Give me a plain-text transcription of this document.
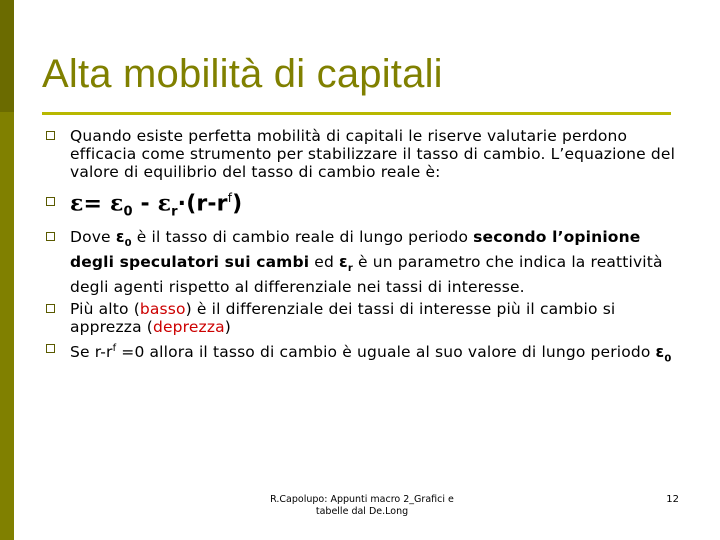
Alta mobilità di capitali
Quando esiste perfetta mobilità di capitali le riserve valutarie perdono efficacia come strumento per stabilizzare il tasso di cambio. L’equazione del valore di equilibrio del tasso di cambio reale è:
$\varepsilon= \varepsilon_0 - \varepsilon_r\cdot(r-r^f)$
Dove $\varepsilon_0$ è il tasso di cambio reale di lungo periodo secondo l’opinione degli speculatori sui cambi ed $\varepsilon_r$ è un parametro che indica la reattività degli agenti rispetto al differenziale nei tassi di interesse.
Più alto (basso) è il differenziale dei tassi di interesse più il cambio si apprezza (deprezza)
Se $r-r^f =0$ allora il tasso di cambio è uguale al suo valore di lungo periodo $\varepsilon_0$
R.Capolupo: Appunti macro 2_Grafici e
tabelle dal De.Long
12
